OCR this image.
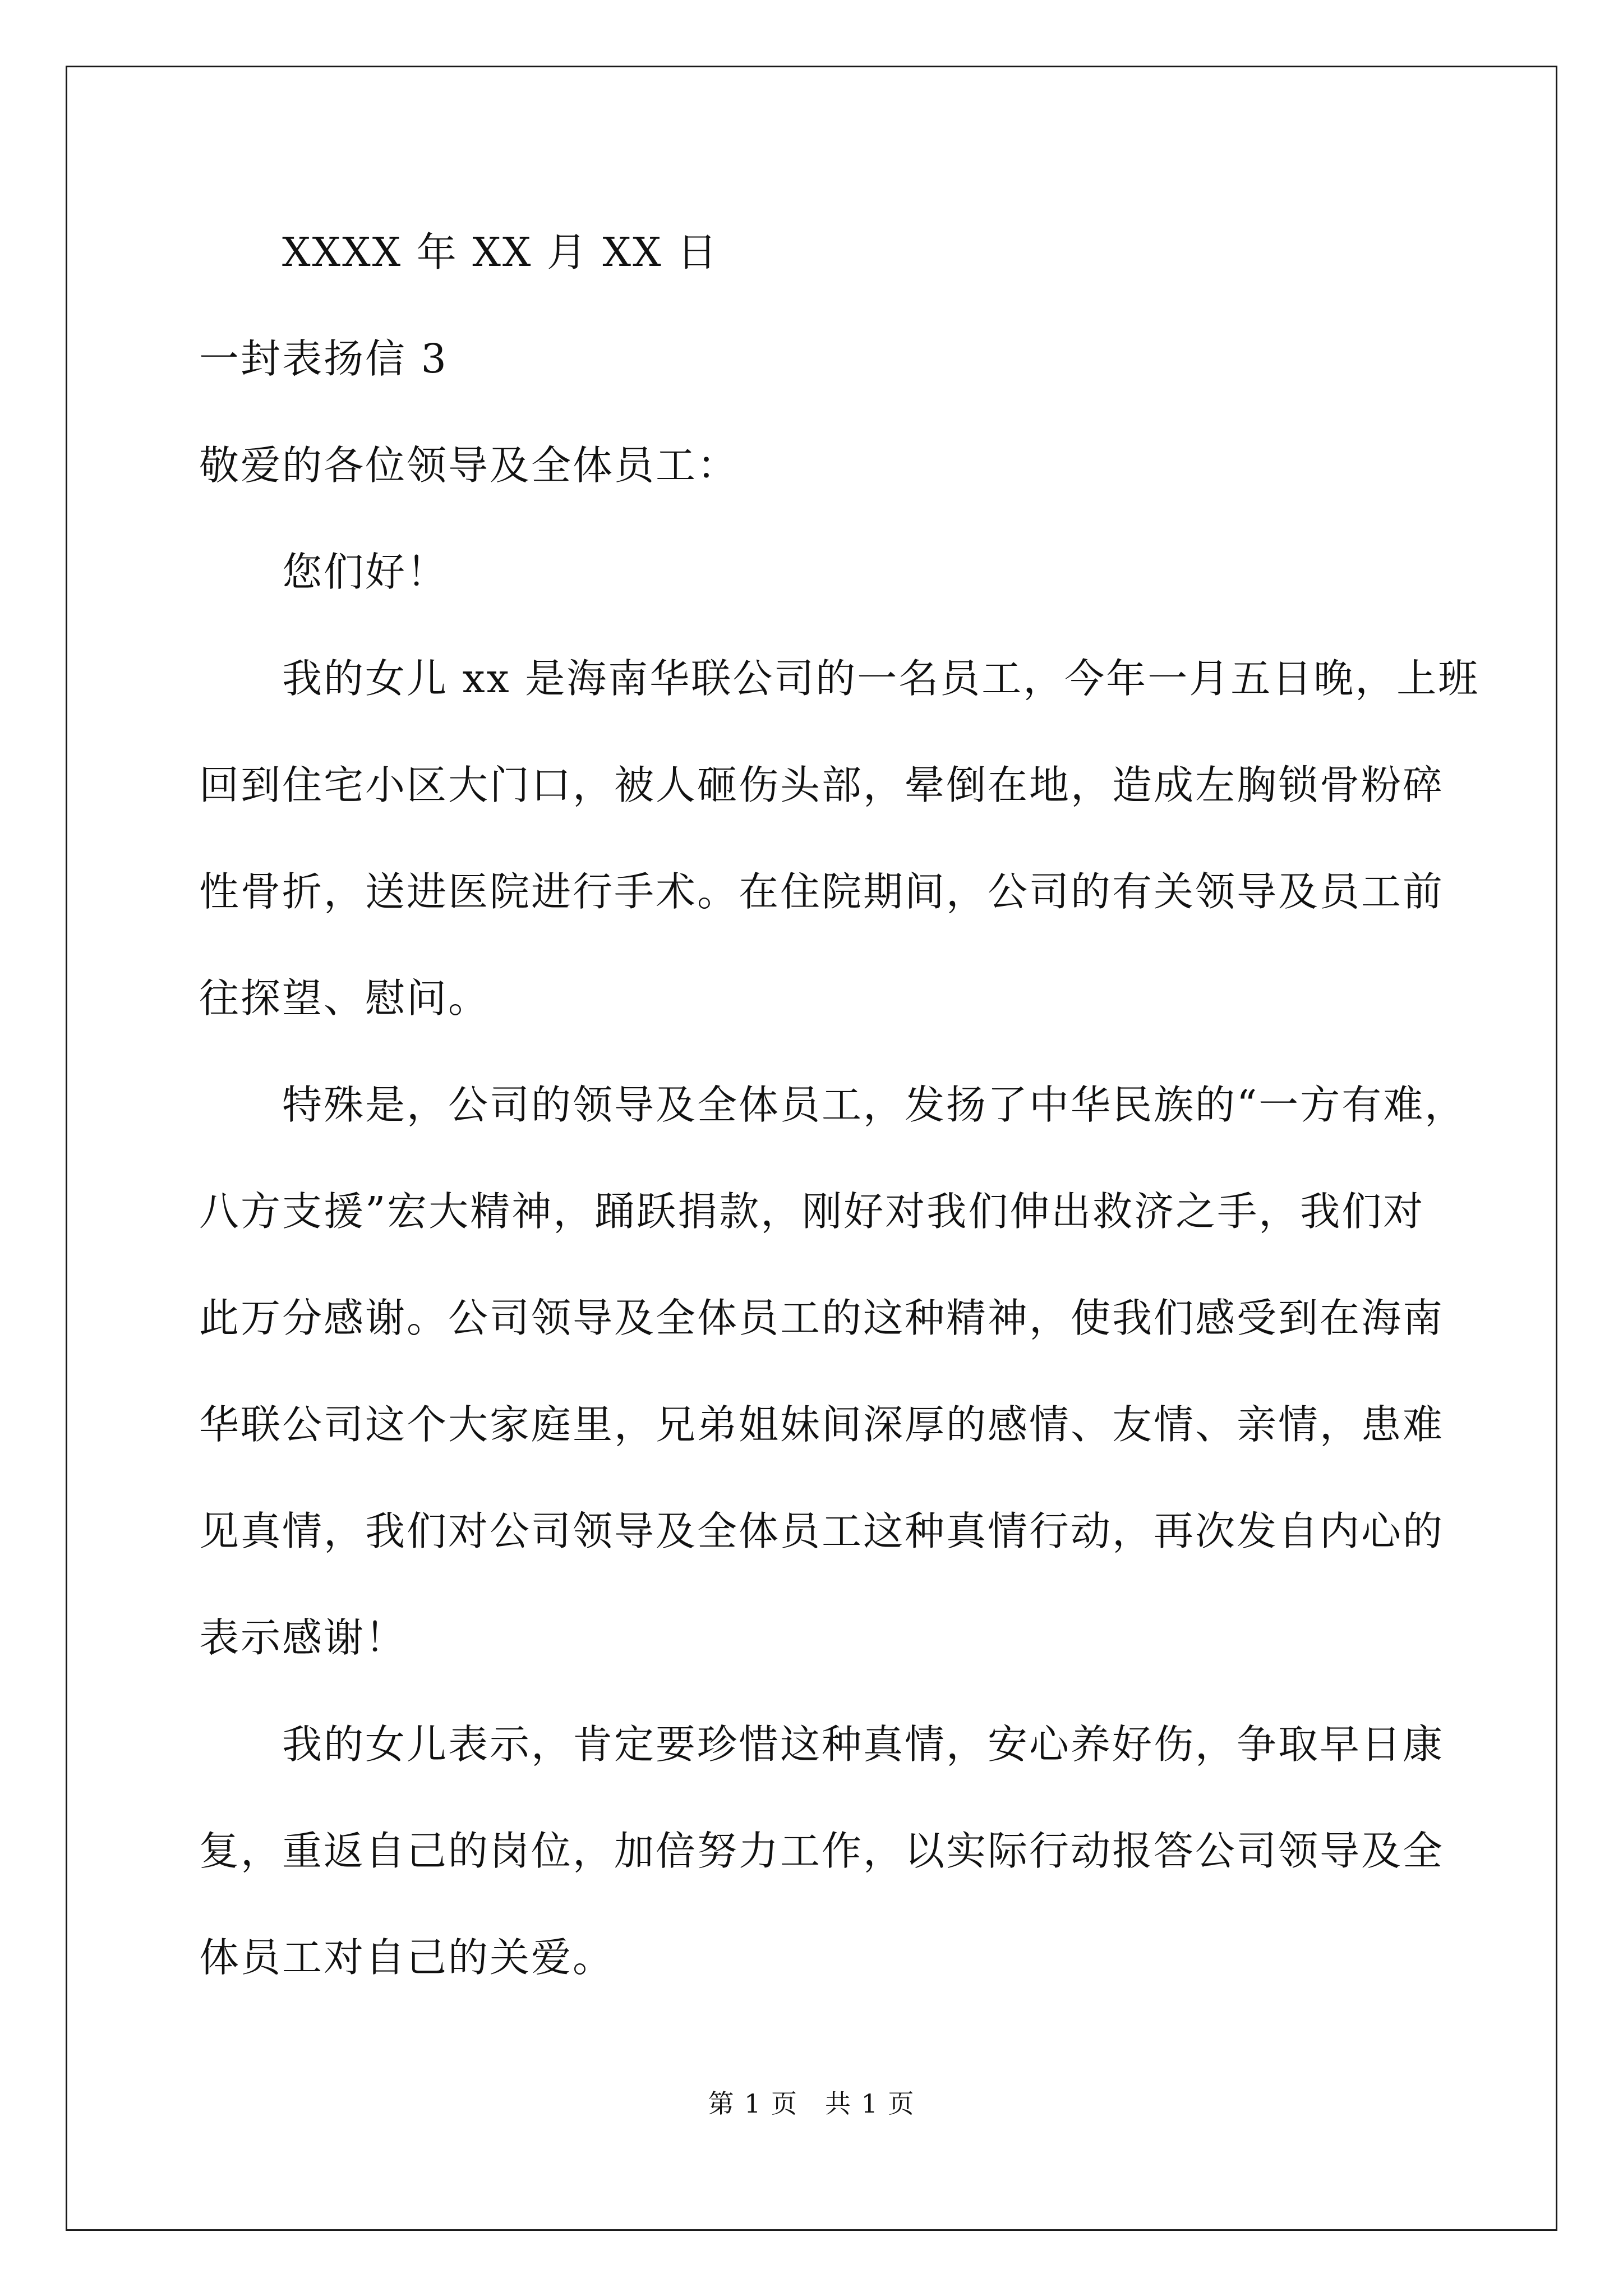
XXXX 年 XX 月 XX 日
一封表扬信 3
敬爱的各位领导及全体员工：
您们好！
我的女儿 xx 是海南华联公司的一名员工，今年一月五日晚，上班
回到住宅小区大门口，被人砸伤头部，晕倒在地，造成左胸锁骨粉碎
性骨折，送进医院进行手术。在住院期间，公司的有关领导及员工前
往探望、慰问。
特殊是，公司的领导及全体员工，发扬了中华民族的“一方有难，
八方支援”宏大精神，踊跃捐款，刚好对我们伸出救济之手，我们对
此万分感谢。公司领导及全体员工的这种精神，使我们感受到在海南
华联公司这个大家庭里，兄弟姐妹间深厚的感情、友情、亲情，患难
见真情，我们对公司领导及全体员工这种真情行动，再次发自内心的
表示感谢！
我的女儿表示，肯定要珍惜这种真情，安心养好伤，争取早日康
复，重返自己的岗位，加倍努力工作，以实际行动报答公司领导及全
体员工对自己的关爱。
第 1 页　共 1 页
